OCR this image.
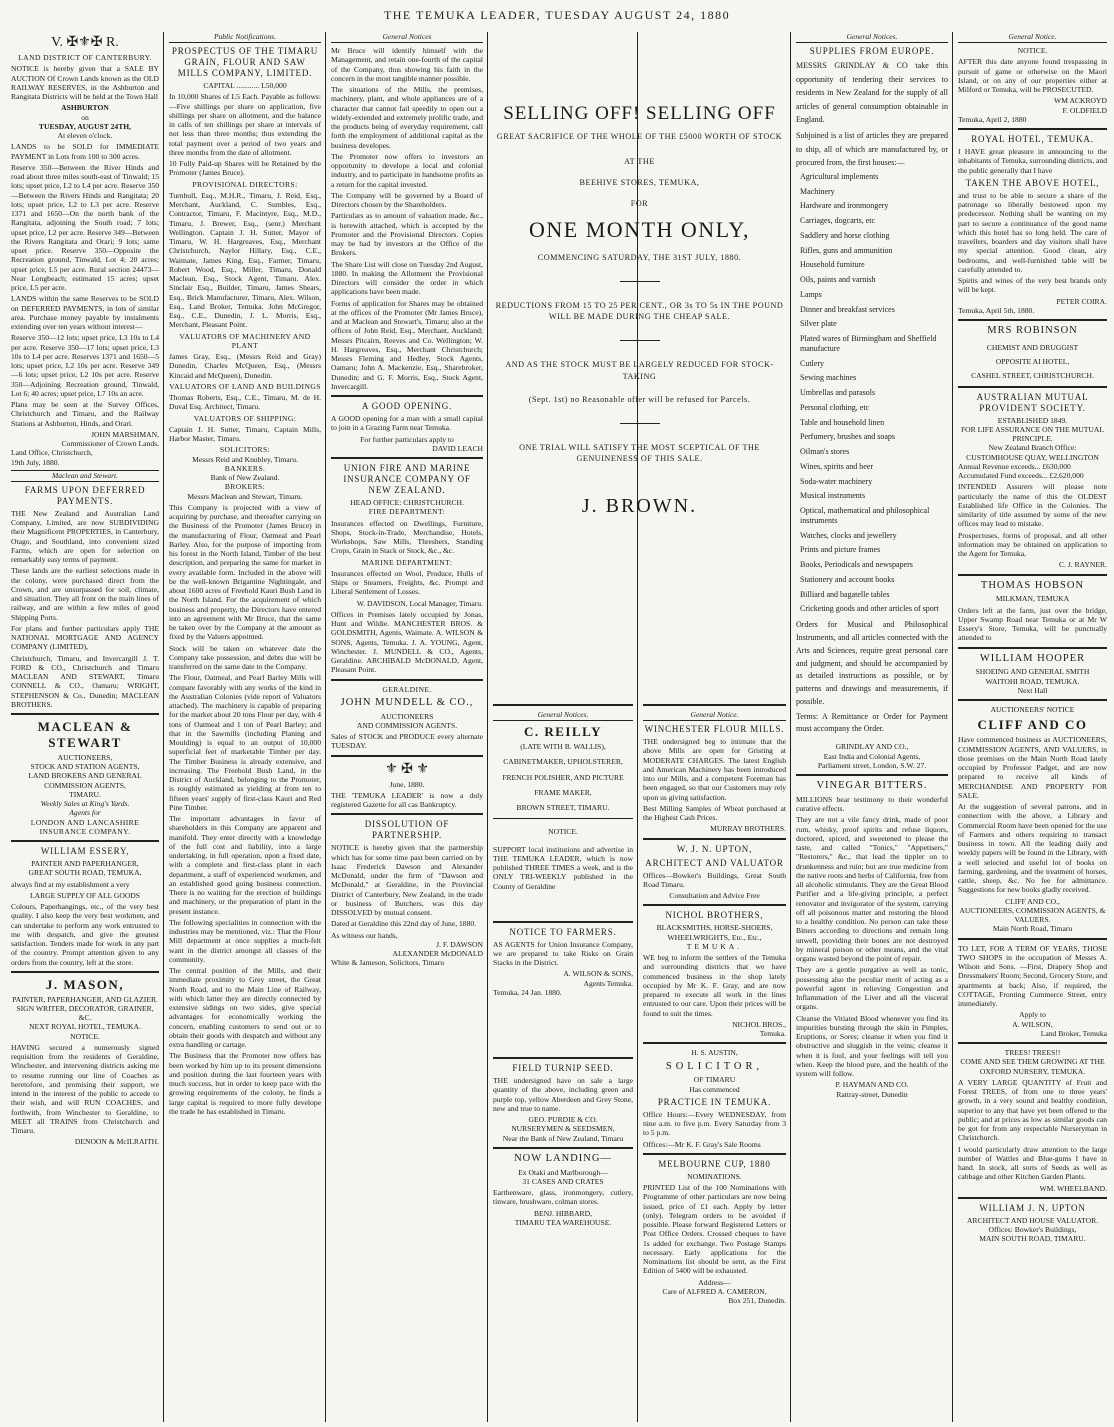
THE TEMUKA LEADER, TUESDAY AUGUST 24, 1880
V. ✠⚜✠ R.
LAND DISTRICT OF CANTERBURY.

NOTICE is hereby given that a SALE BY AUCTION Of Crown Lands known as the OLD RAILWAY RESERVES, in the Ashburton and Rangitata Districts will be held at the Town Hall

ASHBURTON
on
TUESDAY, AUGUST 24TH,
At eleven o'clock.

LANDS to be SOLD for IMMEDIATE PAYMENT in Lots from 100 to 300 acres.

Reserve 350—Between the River Hinds and road about three miles south-east of Tinwald; 15 lots; upset price, L2 to L4 per acre. Reserve 350—Between the Rivers Hinds and Rangitata; 20 lots; upset price, L2 to L3 per acre. Reserve 1371 and 1650—On the north bank of the Rangitata, adjoining the South road; 7 lots; upset price, L2 per acre. Reserve 349—Between the Rivers Rangitata and Orari; 9 lots; same upset price. Reserve 350—Opposite the Recreation ground, Tinwald, Lot 4; 20 acres; upset price, L5 per acre. Rural section 24473—Near Longbeach; estimated 15 acres; upset price, L5 per acre.

LANDS within the same Reserves to be SOLD on DEFERRED PAYMENTS, in lots of similar area. Purchase money payable by instalments extending over ten years without interest—

Reserve 350—12 lots; upset price, L3 10s to L4 per acre. Reserve 350—17 lots; upset price, L3 10s to L4 per acre. Reserves 1371 and 1650—5 lots; upset price, L2 10s per acre. Reserve 349—6 lots; upset price, L2 10s per acre. Reserve 350—Adjoining Recreation ground, Tinwald, Lot 6; 40 acres; upset price, L7 10s an acre.

Plans may be seen at the Survey Offices, Christchurch and Timaru, and the Railway Stations at Ashburton, Hinds, and Orari.

JOHN MARSHMAN,
Commissioner of Crown Lands.
Land Office, Christchurch,
19th July, 1880.
Maclean and Stewart.
FARMS UPON DEFERRED PAYMENTS.

THE New Zealand and Australian Land Company, Limited, are now SUBDIVIDING their Magnificent PROPERTIES, in Canterbury, Otago, and Southland, into convenient sized Farms, which are open for selection on remarkably easy terms of payment.

These lands are the earliest selections made in the colony, were purchased direct from the Crown, and are unsurpassed for soil, climate, and situation. They all front on the main lines of railway, and are within a few miles of good Shipping Ports.

For plans and further particulars apply THE NATIONAL MORTGAGE AND AGENCY COMPANY (LIMITED),

Christchurch, Timaru, and Invercargill J. T. FORD & CO., Christchurch and Timaru MACLEAN AND STEWART, Timaru CONNELL & CO., Oamaru; WRIGHT, STEPHENSON & Co., Dunedin; MACLEAN BROTHERS.

MACLEAN & STEWART
AUCTIONEERS,
STOCK AND STATION AGENTS,
LAND BROKERS AND GENERAL
COMMISSION AGENTS,
TIMARU.
Weekly Sales at King's Yards.
Agents for
LONDON AND LANCASHIRE INSURANCE COMPANY.
WILLIAM ESSERY,
PAINTER AND PAPERHANGER,
GREAT SOUTH ROAD, TEMUKA,

always find at my establishment a very

LARGE SUPPLY OF ALL GOODS

Colours, Paperhangings, etc., of the very best quality. I also keep the very best workmen, and can undertake to perform any work entrusted to me with despatch, and give the greatest satisfaction. Tenders made for work in any part of the country. Prompt attention given to any orders from the country, left at the store.

J. MASON,
PAINTER, PAPERHANGER, AND GLAZIER.
SIGN WRITER, DECORATOR, GRAINER, &C.
NEXT ROYAL HOTEL, TEMUKA.
NOTICE.

HAVING secured a numerously signed requisition from the residents of Geraldine, Winchester, and intervening districts asking me to resume running our line of Coaches as heretofore, and promising their support, we intend in the interest of the public to accede to their wish, and will RUN COACHES, and forthwith, from Winchester to Geraldine, to MEET all TRAINS from Christchurch and Timaru.

DENOON & McILRAITH.
Public Notifications.
PROSPECTUS OF THE TIMARU GRAIN, FLOUR AND SAW MILLS COMPANY, LIMITED.
CAPITAL ............ L50,000

In 10,000 Shares of L5 Each. Payable as follows:—Five shillings per share on application, five shillings per share on allotment, and the balance in calls of ten shillings per share at intervals of not less than three months; thus extending the total payment over a period of two years and three months from the date of allotment.

10 Fully Paid-up Shares will be Retained by the Promoter (James Bruce).

PROVISIONAL DIRECTORS:

Turnbull, Esq., M.H.R., Timaru, J. Reid, Esq., Merchant, Auckland, C. Sumbles, Esq., Contractor, Timaru, F. Macintyre, Esq., M.D., Timaru, J. Brewer, Esq., (senr.) Merchant Wellington. Captain J. H. Sutter, Mayor of Timaru, W. H. Hargreaves, Esq., Merchant Christchurch, Naylor Hillary, Esq., C.E., Waimate, James King, Esq., Farmer, Timaru, Robert Wood, Esq., Miller, Timaru, Donald Maclean, Esq., Stock Agent, Timaru. Alex. Sinclair Esq., Builder, Timaru, James Shears, Esq., Brick Manufacturer, Timaru, Alex. Wilson, Esq., Land Broker, Temuka. John McGregor, Esq., C.E., Dunedin, J. L. Morris, Esq., Merchant, Pleasant Point.

VALUATORS OF MACHINERY AND PLANT

James Gray, Esq., (Messrs Reid and Gray) Dunedin, Charles McQueen, Esq., (Messrs Kincaid and McQueen), Dunedin.

VALUATORS OF LAND AND BUILDINGS

Thomas Roberts, Esq., C.E., Timaru, M. de H. Duval Esq. Architect, Timaru.

VALUATORS OF SHIPPING:

Captain J. H. Sutter, Timaru, Captain Mills, Harbor Master, Timaru.

SOLICITORS:
Messrs Reid and Knubley, Timaru.
BANKERS.
Bank of New Zealand.
BROKERS:
Messrs Maclean and Stewart, Timaru.

This Company is projected with a view of acquiring by purchase, and thereafter carrying on the Business of the Promoter (James Bruce) in the manufacturing of Flour, Oatmeal and Pearl Barley. Also, for the purpose of importing from his forest in the North Island, Timber of the best description, and preparing the same for market in every available form. Included in the above will be the well-known Brigantine Nightingale, and about 1600 acres of Freehold Kauri Bush Land in the North Island. For the acquirement of which business and property, the Directors have entered into an agreement with Mr Bruce, that the same be taken over by the Company at the amount as fixed by the Valuers appointed.

Stock will be taken on whatever date the Company take possession, and debts due will be transferred on the same date to the Company.

The Flour, Oatmeal, and Pearl Barley Mills will compare favorably with any works of the kind in the Australian Colonies (vide report of Valuators attached). The machinery is capable of preparing for the market about 20 tons Flour per day, with 4 tons of Oatmeal and 1 ton of Pearl Barley; and that in the Sawmills (including Planing and Moulding) is equal to an output of 10,000 superficial feet of marketable Timber per day. The Timber Business is already extensive, and increasing. The Freehold Bush Land, in the District of Auckland, belonging to the Promoter, is roughly estimated as yielding at from ten to fifteen years' supply of first-class Kauri and Red Pine Timber.

The important advantages in favor of shareholders in this Company are apparent and manifold. They enter directly with a knowledge of the full cost and liability, into a large undertaking, in full operation, upon a fixed date, with a complete and first-class plant in each department, a staff of experienced workmen, and an established good going business connection. There is no waiting for the erection of buildings and machinery, or the preparation of plant in the present instance.

The following specialities in connection with the industries may be mentioned, viz.: That the Flour Mill department at once supplies a much-felt want in the district amongst all classes of the community.

The central position of the Mills, and their immediate proximity to Grey street, the Great North Road, and to the Main Line of Railway, with which latter they are directly connected by extensive sidings on two sides, give special advantages for economically working the concern, enabling customers to send out or to obtain their goods with despatch and without any extra handling or cartage.

The Business that the Promoter now offers has been worked by him up to its present dimensions and position during the last fourteen years with much success, but in order to keep pace with the growing requirements of the colony, he finds a large capital is required to more fully develope the trade he has established in Timaru.

General Notices

Mr Bruce will identify himself with the Management, and retain one-fourth of the capital of the Company, thus showing his faith in the concern in the most tangible manner possible.

The situations of the Mills, the premises, machinery, plant, and whole appliances are of a character that cannot fail speedily to open out a widely-extended and extremely prolific trade, and the products being of everyday requirement, call forth the employment of additional capital as the business developes.

The Promoter now offers to investors an opportunity to develope a local and colonial industry, and to participate in handsome profits as a return for the capital invested.

The Company will be governed by a Board of Directors chosen by the Shareholders.

Particulars as to amount of valuation made, &c., is herewith attached, which is accepted by the Promoter and the Provisional Directors. Copies may be had by investors at the Office of the Brokers.

The Share List will close on Tuesday 2nd August, 1880. In making the Allotment the Provisional Directors will consider the order in which applications have been made.

Forms of application for Shares may be obtained at the offices of the Promoter (Mr James Bruce), and at Maclean and Stewart's, Timaru; also at the offices of John Reid, Esq., Merchant, Auckland; Messrs Pitcairn, Reeves and Co. Wellington; W. H. Hargreaves, Esq., Merchant Christchurch; Messrs Fleming and Hedley, Stock Agents, Oamaru; John A. Mackenzie, Esq., Sharebroker, Dunedin; and G. F. Morris, Esq., Stock Agent, Invercargill.

A GOOD OPENING.

A GOOD opening for a man with a small capital to join in a Grazing Farm near Temuka.

For further particulars apply to
DAVID LEACH
UNION FIRE AND MARINE INSURANCE COMPANY OF NEW ZEALAND.
HEAD OFFICE: CHRISTCHURCH.
FIRE DEPARTMENT:

Insurances effected on Dwellings, Furniture, Shops, Stock-in-Trade, Merchandise, Hotels, Workshops, Saw Mills, Threshers, Standing Crops, Grain in Stack or Stock, &c., &c.

MARINE DEPARTMENT:

Insurances effected on Wool, Produce, Hulls of Ships or Steamers, Freights, &c. Prompt and Liberal Settlement of Losses.

W. DAVIDSON, Local Manager, Timaru.

Offices in Premises lately occupied by Jonas, Hunt and Wildie. MANCHESTER BROS. & GOLDSMITH, Agents, Waimate. A. WILSON & SONS, Agents, Temuka. J. A. YOUNG, Agent, Winchester. J. MUNDELL & CO., Agents, Geraldine. ARCHIBALD McDONALD, Agent, Pleasant Point.

GERALDINE.
JOHN MUNDELL & CO.,
AUCTIONEERS
AND COMMISSION AGENTS.

Sales of STOCK and PRODUCE every alternate TUESDAY.

⚜ ✠ ⚜
June, 1880.

THE 'TEMUKA LEADER' is now a duly registered Gazette for all cas Bankruptcy.

DISSOLUTION OF PARTNERSHIP.

NOTICE is hereby given that the partnership which has for some time past been carried on by Isaac Frederick Dawson and Alexander McDonald, under the firm of "Dawson and McDonald," at Geraldine, in the Provincial District of Canterbury, New Zealand, in the trade or business of Butchers, was this day DISSOLVED by mutual consent.

Dated at Geraldine this 22nd day of June, 1880.

As witness our hands,
J. F. DAWSON
ALEXANDER McDONALD
White & Jameson, Solicitors, Timaru
SELLING OFF! SELLING OFF

GREAT SACRIFICE OF THE WHOLE OF THE £5000 WORTH OF STOCK

AT THE

BEEHIVE STORES, TEMUKA,

FOR

ONE MONTH ONLY,

COMMENCING SATURDAY, THE 31ST JULY, 1880.

REDUCTIONS FROM 15 TO 25 PER CENT., OR 3s TO 5s IN THE POUND WILL BE MADE DURING THE CHEAP SALE.

AND AS THE STOCK MUST BE LARGELY REDUCED FOR STOCK-TAKING

(Sept. 1st) no Reasonable offer will be refused for Parcels.

ONE TRIAL WILL SATISFY THE MOST SCEPTICAL OF THE GENUINENESS OF THIS SALE.

J. BROWN.
General Notices.
C. REILLY
(LATE WITH B. WALLIS),
CABINETMAKER, UPHOLSTERER,
FRENCH POLISHER, AND PICTURE
FRAME MAKER,
BROWN STREET, TIMARU.
NOTICE.

SUPPORT local institutions and advertise in THE TEMUKA LEADER, which is now published THREE TIMES a week, and is the ONLY TRI-WEEKLY published in the County of Geraldine

NOTICE TO FARMERS.

AS AGENTS for Union Insurance Company, we are prepared to take Risks on Grain Stacks in the District.

A. WILSON & SONS,
Agents Temuka.
Temuka, 24 Jan. 1880.
FIELD TURNIP SEED.

THE undersigned have on sale a large quantity of the above, including green and purple top, yellow Aberdeen and Grey Stone, new and true to name.

GEO. PURDIE & CO.
NURSERYMEN & SEEDSMEN,
Near the Bank of New Zealand, Timaru
NOW LANDING—
Ex Otaki and Marlborough—
31 CASES AND CRATES

Earthenware, glass, ironmongery, cutlery, tinware, brushware, colman stores.

BENJ. HIBBARD,
TIMARU TEA WAREHOUSE.
General Notice.
WINCHESTER FLOUR MILLS.

THE undersigned beg to intimate that the above Mills are open for Gristing at MODERATE CHARGES. The latest English and American Machinery has been introduced into our Mills, and a competent Foreman has been engaged, so that our Customers may rely upon us giving satisfaction.

Best Milling Samples of Wheat purchased at the Highest Cash Prices.

MURRAY BROTHERS.
W. J. N. UPTON,
ARCHITECT AND VALUATOR

Offices—Bowker's Buildings, Great South Road Timaru.

Consultation and Advice Free
NICHOL BROTHERS,
BLACKSMITHS, HORSE-SHOERS, WHEELWRIGHTS, Etc., Etc.,
TEMUKA.

WE beg to inform the settlers of the Temuka and surrounding districts that we have commenced business in the shop lately occupied by Mr K. F. Gray, and are now prepared to execute all work in the lines entrusted to our care. Upon their prices will be found to suit the times.

NICHOL BROS.,
Temuka.
H. S. AUSTIN,
SOLICITOR,
OF TIMARU
Has commenced
PRACTICE IN TEMUKA.

Office Hours:—Every WEDNESDAY, from nine a.m. to five p.m. Every Saturday from 3 to 5 p.m.

Offices:—Mr K. F. Gray's Sale Rooms

MELBOURNE CUP, 1880
NOMINATIONS.

PRINTED List of the 100 Nominations with Programme of other particulars are now being issued, price of £1 each. Apply by letter (only). Telegram orders to be avoided if possible. Please forward Registered Letters or Post Office Orders. Crossed cheques to have 1s added for exchange. Two Postage Stamps necessary. Early applications for the Nominations list should be sent, as the First Edition of 5400 will be exhausted.

Address—
Care of ALFRED A. CAMERON,
Box 251, Dunedin.
General Notices.
SUPPLIES FROM EUROPE.

MESSRS GRINDLAY & CO take this opportunity of tendering their services to residents in New Zealand for the supply of all articles of general consumption obtainable in England.

Subjoined is a list of articles they are prepared to ship, all of which are manufactured by, or procured from, the first houses:—

Agricultural implements
Machinery
Hardware and ironmongery
Carriages, dogcarts, etc
Saddlery and horse clothing
Rifles, guns and ammunition
Household furniture
Oils, paints and varnish
Lamps
Dinner and breakfast services
Silver plate
Plated wares of Birmingham and Sheffield manufacture
Cutlery
Sewing machines
Umbrellas and parasols
Personal clothing, etc
Table and household linen
Perfumery, brushes and soaps
Oilman's stores
Wines, spirits and beer
Soda-water machinery
Musical instruments
Optical, mathematical and philosophical instruments
Watches, clocks and jewellery
Prints and picture frames
Books, Periodicals and newspapers
Stationery and account books
Billiard and bagatelle tables
Cricketing goods and other articles of sport

Orders for Musical and Philosophical Instruments, and all articles connected with the Arts and Sciences, require great personal care and judgment, and should be accompanied by as detailed instructions as possible, or by patterns and drawings and measurements, if possible.

Terms: A Remittance or Order for Payment must accompany the Order.

GRINDLAY AND CO.,
East India and Colonial Agents,
Parliament street, London, S.W. 27.
VINEGAR BITTERS.

MILLIONS bear testimony to their wonderful curative effects.

They are not a vile fancy drink, made of poor rum, whisky, proof spirits and refuse liquors, doctored, spiced, and sweetened to please the taste, and called "Tonics," "Appetisers," "Restorers," &c., that lead the tippler on to drunkenness and ruin; but are true medicine from the native roots and herbs of California, free from all alcoholic stimulants. They are the Great Blood Purifier and a life-giving principle, a perfect renovator and invigorator of the system, carrying off all poisonous matter and restoring the blood to a healthy condition. No person can take these Bitters according to directions and remain long unwell, providing their bones are not destroyed by mineral poison or other means, and the vital organs wasted beyond the point of repair.

They are a gentle purgative as well as tonic, possessing also the peculiar merit of acting as a powerful agent in relieving Congestion and Inflammation of the Liver and all the visceral organs.

Cleanse the Vitiated Blood whenever you find its impurities bursting through the skin in Pimples, Eruptions, or Sores; cleanse it when you find it obstructive and sluggish in the veins; cleanse it when it is foul, and your feelings will tell you when. Keep the blood pure, and the health of the system will follow.

P. HAYMAN AND CO.
Rattray-street, Dunedin
General Notice.
NOTICE.

AFTER this date anyone found trespassing in pursuit of game or otherwise on the Maori Island, or on any of our properties either at Milford or Temuka, will be PROSECUTED.

WM ACKROYD
F. OLDFIELD
Temuka, April 2, 1880
ROYAL HOTEL, TEMUKA.

I HAVE great pleasure in announcing to the inhabitants of Temuka, surrounding districts, and the public generally that I have

TAKEN THE ABOVE HOTEL,

and trust to be able to secure a share of the patronage so liberally bestowed upon my predecessor. Nothing shall be wanting on my part to secure a continuance of the good name which this hotel has so long held. The care of travellers, boarders and day visitors shall have my special attention. Good clean, airy bedrooms, and well-furnished table will be carefully attended to.

Spirits and wines of the very best brands only will be kept.

PETER COIRA.
Temuka, April 5th, 1880.
MRS ROBINSON
CHEMIST AND DRUGGIST
OPPOSITE AI HOTEL,
CASHEL STREET, CHRISTCHURCH.
AUSTRALIAN MUTUAL PROVIDENT SOCIETY.
ESTABLISHED 1849.
FOR LIFE ASSURANCE ON THE MUTUAL PRINCIPLE.
New Zealand Branch Office:
CUSTOMHOUSE QUAY, WELLINGTON
Annual Revenue exceeds... £630,000
Accumulated Fund exceeds... £2,620,000

INTENDED Assurers will please note particularly the name of this the OLDEST Established life Office in the Colonies. The similarity of title assumed by some of the new offices may lead to mistake.

Prospectuses, forms of proposal, and all other information may be obtained on application to the Agent for Temuka,

C. J. RAYNER.
THOMAS HOBSON
MILKMAN, TEMUKA

Orders left at the farm, just over the bridge, Upper Swamp Road near Temuka or at Mr W Essery's Store, Temuka, will be punctually attended to

WILLIAM HOOPER
SHOEING AND GENERAL SMITH
WAITOHI ROAD, TEMUKA.
Next Hall
AUCTIONEERS' NOTICE
CLIFF AND CO

Have commenced business as AUCTIONEERS, COMMISSION AGENTS, AND VALUERS, in those premises on the Main North Road lately occupied by Professor Padget, and are now prepared to receive all kinds of MERCHANDISE AND PROPERTY FOR SALE.

At the suggestion of several patrons, and in connection with the above, a Library and Commercial Room have been opened for the use of Farmers and others requiring to transact business in town. All the leading daily and weekly papers will be found in the Library, with a well selected and useful lot of books on farming, gardening, and the treatment of horses, cattle, sheep, &c. No fee for admittance. Suggestions for new books gladly received.

CLIFF AND CO.,
AUCTIONEERS, COMMISSION AGENTS, & VALUERS.
Main North Road, Timaru

TO LET, FOR A TERM OF YEARS, THOSE TWO SHOPS in the occupation of Messrs A. Wilson and Sons. —First, Drapery Shop and Dressmakers' Room; Second, Grocery Store, and apartments at back; Also, if required, the COTTAGE, Fronting Commerce Street, entry immediately.

Apply to
A. WILSON,
Land Broker, Temuka
TREES! TREES!!
COME AND SEE THEM GROWING AT THE OXFORD NURSERY, TEMUKA.

A VERY LARGE QUANTITY of Fruit and Forest TREES, of from one to three years' growth, in a very sound and healthy condition, superior to any that have yet been offered to the public; and at prices as low as similar goods can be got for from any respectable Nurseryman in Christchurch.

I would particularly draw attention to the large number of Wattles and Blue-gums I have in hand. In stock, all sorts of Seeds as well as cabbage and other Kitchen Garden Plants.

WM. WHEELBAND.
WILLIAM J. N. UPTON
ARCHITECT AND HOUSE VALUATOR.
Offices: Bowker's Buildings,
MAIN SOUTH ROAD, TIMARU.
